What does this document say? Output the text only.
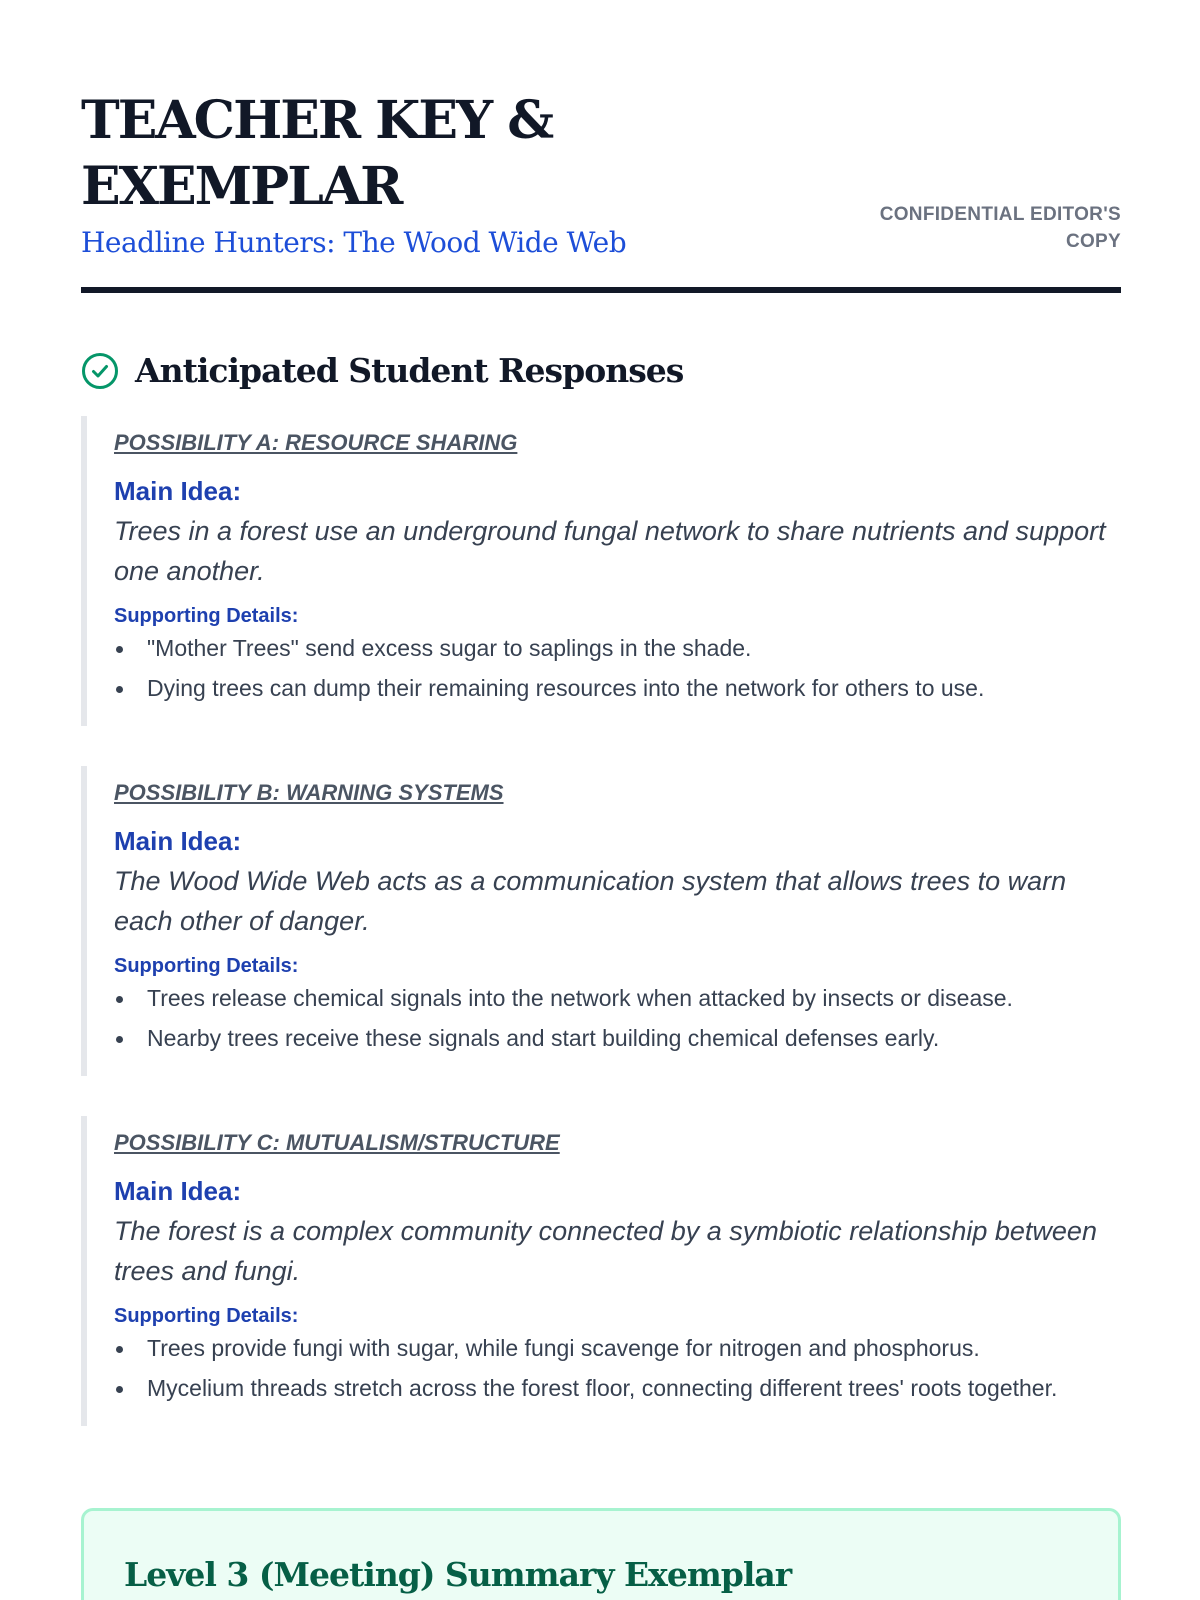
TEACHER KEY & EXEMPLAR
Headline Hunters: The Wood Wide Web
CONFIDENTIAL EDITOR'S COPY
Anticipated Student Responses
POSSIBILITY A: RESOURCE SHARING
Main Idea:
Trees in a forest use an underground fungal network to share nutrients and support one another.
Supporting Details:
"Mother Trees" send excess sugar to saplings in the shade.
Dying trees can dump their remaining resources into the network for others to use.
POSSIBILITY B: WARNING SYSTEMS
Main Idea:
The Wood Wide Web acts as a communication system that allows trees to warn each other of danger.
Supporting Details:
Trees release chemical signals into the network when attacked by insects or disease.
Nearby trees receive these signals and start building chemical defenses early.
POSSIBILITY C: MUTUALISM/STRUCTURE
Main Idea:
The forest is a complex community connected by a symbiotic relationship between trees and fungi.
Supporting Details:
Trees provide fungi with sugar, while fungi scavenge for nitrogen and phosphorus.
Mycelium threads stretch across the forest floor, connecting different trees' roots together.
Level 3 (Meeting) Summary Exemplar
